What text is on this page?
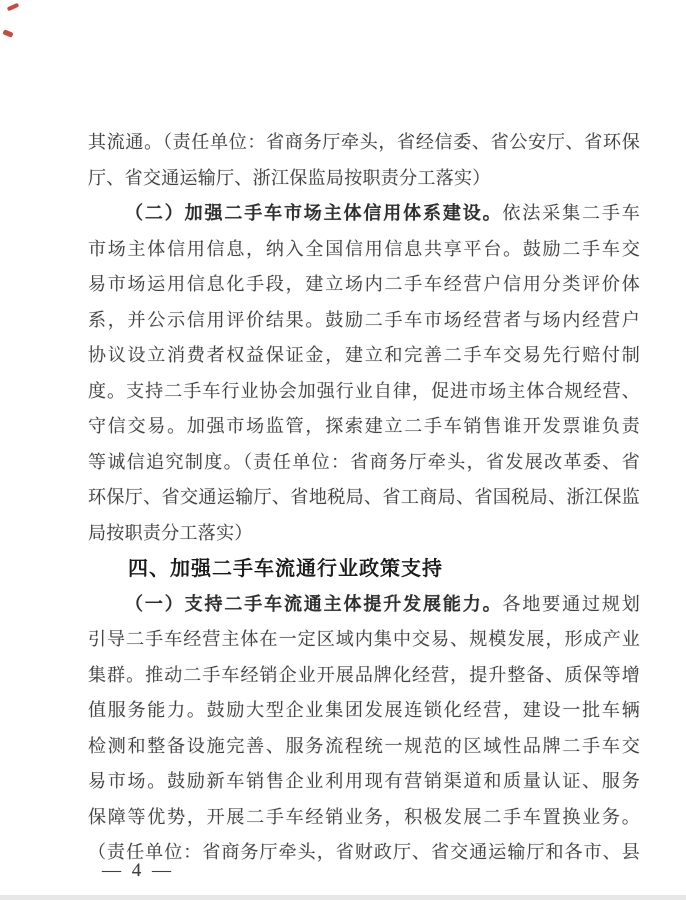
其流通。（责任单位：省商务厅牵头，省经信委、省公安厅、省环保
厅、省交通运输厅、浙江保监局按职责分工落实）
（二）加强二手车市场主体信用体系建设。依法采集二手车
市场主体信用信息，纳入全国信用信息共享平台。鼓励二手车交
易市场运用信息化手段，建立场内二手车经营户信用分类评价体
系，并公示信用评价结果。鼓励二手车市场经营者与场内经营户
协议设立消费者权益保证金，建立和完善二手车交易先行赔付制
度。支持二手车行业协会加强行业自律，促进市场主体合规经营、
守信交易。加强市场监管，探索建立二手车销售谁开发票谁负责
等诚信追究制度。（责任单位：省商务厅牵头，省发展改革委、省
环保厅、省交通运输厅、省地税局、省工商局、省国税局、浙江保监
局按职责分工落实）
四、加强二手车流通行业政策支持
（一）支持二手车流通主体提升发展能力。各地要通过规划
引导二手车经营主体在一定区域内集中交易、规模发展，形成产业
集群。推动二手车经销企业开展品牌化经营，提升整备、质保等增
值服务能力。鼓励大型企业集团发展连锁化经营，建设一批车辆
检测和整备设施完善、服务流程统一规范的区域性品牌二手车交
易市场。鼓励新车销售企业利用现有营销渠道和质量认证、服务
保障等优势，开展二手车经销业务，积极发展二手车置换业务。
（责任单位：省商务厅牵头，省财政厅、省交通运输厅和各市、县
— 4 —
